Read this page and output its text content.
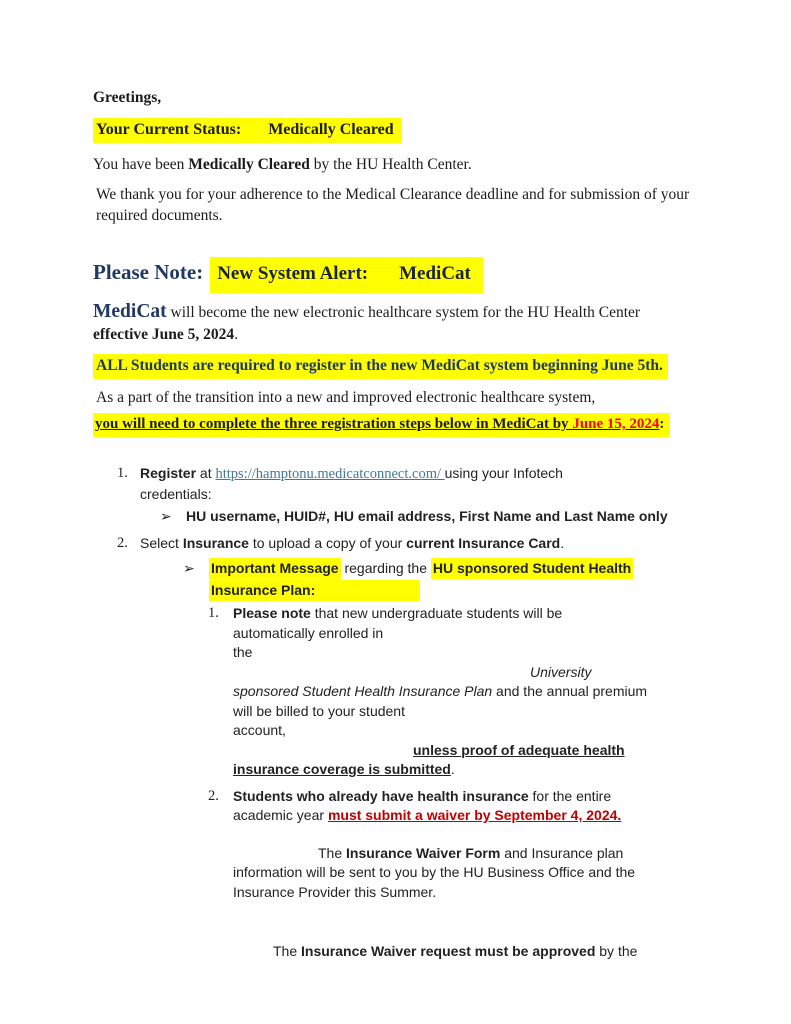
Greetings,

Your Current Status: Medically Cleared

You have been Medically Cleared by the HU Health Center.

We thank you for your adherence to the Medical Clearance deadline and for submission of your required documents.

Please Note: New System Alert: MediCat

MediCat will become the new electronic healthcare system for the HU Health Center
effective June 5, 2024.

ALL Students are required to register in the new MediCat system beginning June 5th.

As a part of the transition into a new and improved electronic healthcare system,

you will need to complete the three registration steps below in MediCat by June 15, 2024:
1. Register at https://hamptonu.medicatconnect.com/ using your Infotech
credentials:
➢	HU username, HUID#, HU email address, First Name and Last Name only
2. Select Insurance to upload a copy of your current Insurance Card.
➢	Important Message regarding the HU sponsored Student Health
Insurance Plan:
1.	Please note that new undergraduate students will be
automatically enrolled in
the
University
sponsored Student Health Insurance Plan and the annual premium
will be billed to your student
account,
unless proof of adequate health
insurance coverage is submitted.
2.	Students who already have health insurance for the entire
academic year must submit a waiver by September 4, 2024.
The Insurance Waiver Form and Insurance plan
information will be sent to you by the HU Business Office and the
Insurance Provider this Summer.
The Insurance Waiver request must be approved by the
